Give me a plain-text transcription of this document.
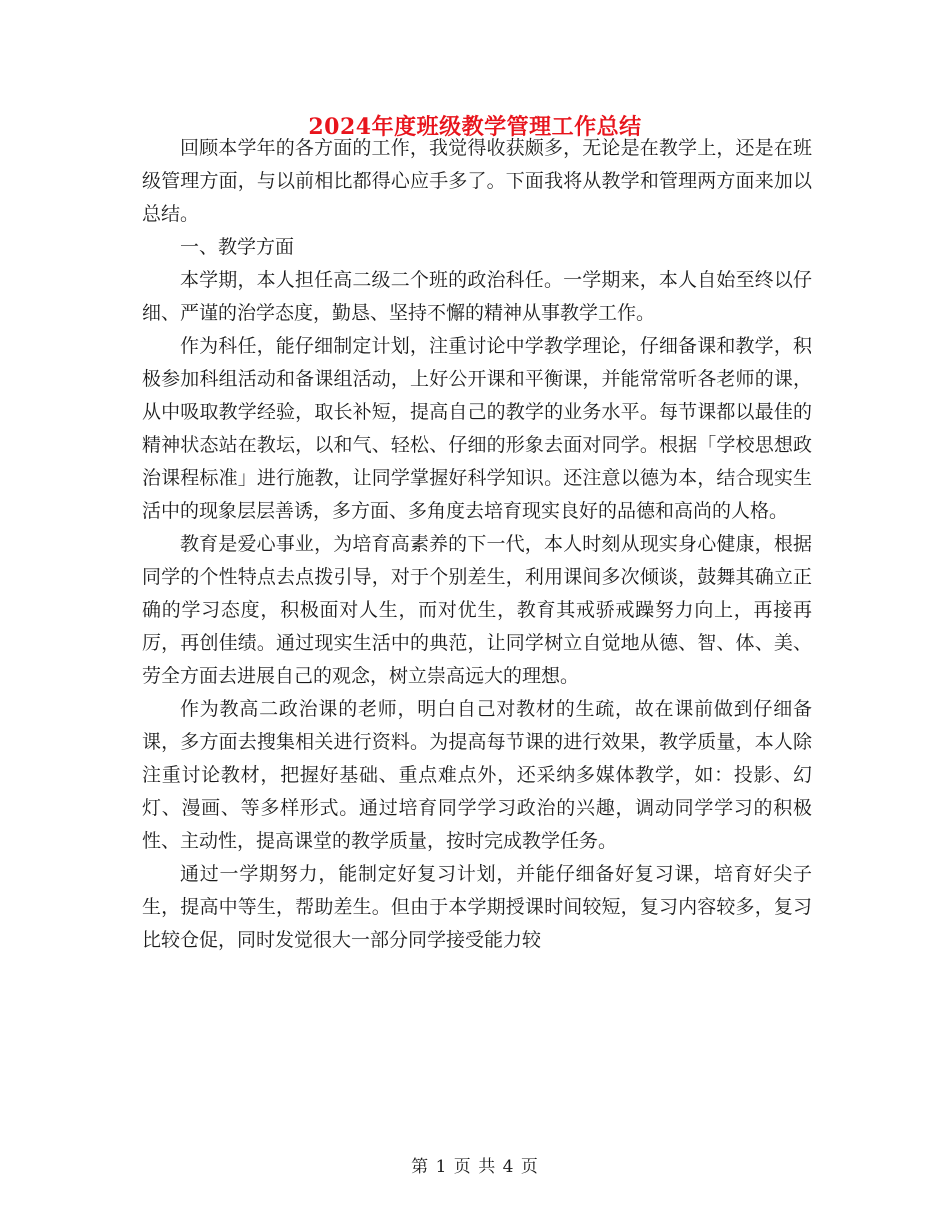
2024年度班级教学管理工作总结

回顾本学年的各方面的工作，我觉得收获颇多，无论是在教学上，还是在班级管理方面，与以前相比都得心应手多了。下面我将从教学和管理两方面来加以总结。

一、教学方面

本学期，本人担任高二级二个班的政治科任。一学期来，本人自始至终以仔细、严谨的治学态度，勤恳、坚持不懈的精神从事教学工作。

作为科任，能仔细制定计划，注重讨论中学教学理论，仔细备课和教学，积极参加科组活动和备课组活动，上好公开课和平衡课，并能常常听各老师的课，从中吸取教学经验，取长补短，提高自己的教学的业务水平。每节课都以最佳的精神状态站在教坛，以和气、轻松、仔细的形象去面对同学。根据「学校思想政治课程标准」进行施教，让同学掌握好科学知识。还注意以德为本，结合现实生活中的现象层层善诱，多方面、多角度去培育现实良好的品德和高尚的人格。

教育是爱心事业，为培育高素养的下一代，本人时刻从现实身心健康，根据同学的个性特点去点拨引导，对于个别差生，利用课间多次倾谈，鼓舞其确立正确的学习态度，积极面对人生，而对优生，教育其戒骄戒躁努力向上，再接再厉，再创佳绩。通过现实生活中的典范，让同学树立自觉地从德、智、体、美、劳全方面去进展自己的观念，树立崇高远大的理想。

作为教高二政治课的老师，明白自己对教材的生疏，故在课前做到仔细备课，多方面去搜集相关进行资料。为提高每节课的进行效果，教学质量，本人除注重讨论教材，把握好基础、重点难点外，还采纳多媒体教学，如：投影、幻灯、漫画、等多样形式。通过培育同学学习政治的兴趣，调动同学学习的积极性、主动性，提高课堂的教学质量，按时完成教学任务。

通过一学期努力，能制定好复习计划，并能仔细备好复习课，培育好尖子生，提高中等生，帮助差生。但由于本学期授课时间较短，复习内容较多，复习比较仓促，同时发觉很大一部分同学接受能力较

第 1 页 共 4 页
